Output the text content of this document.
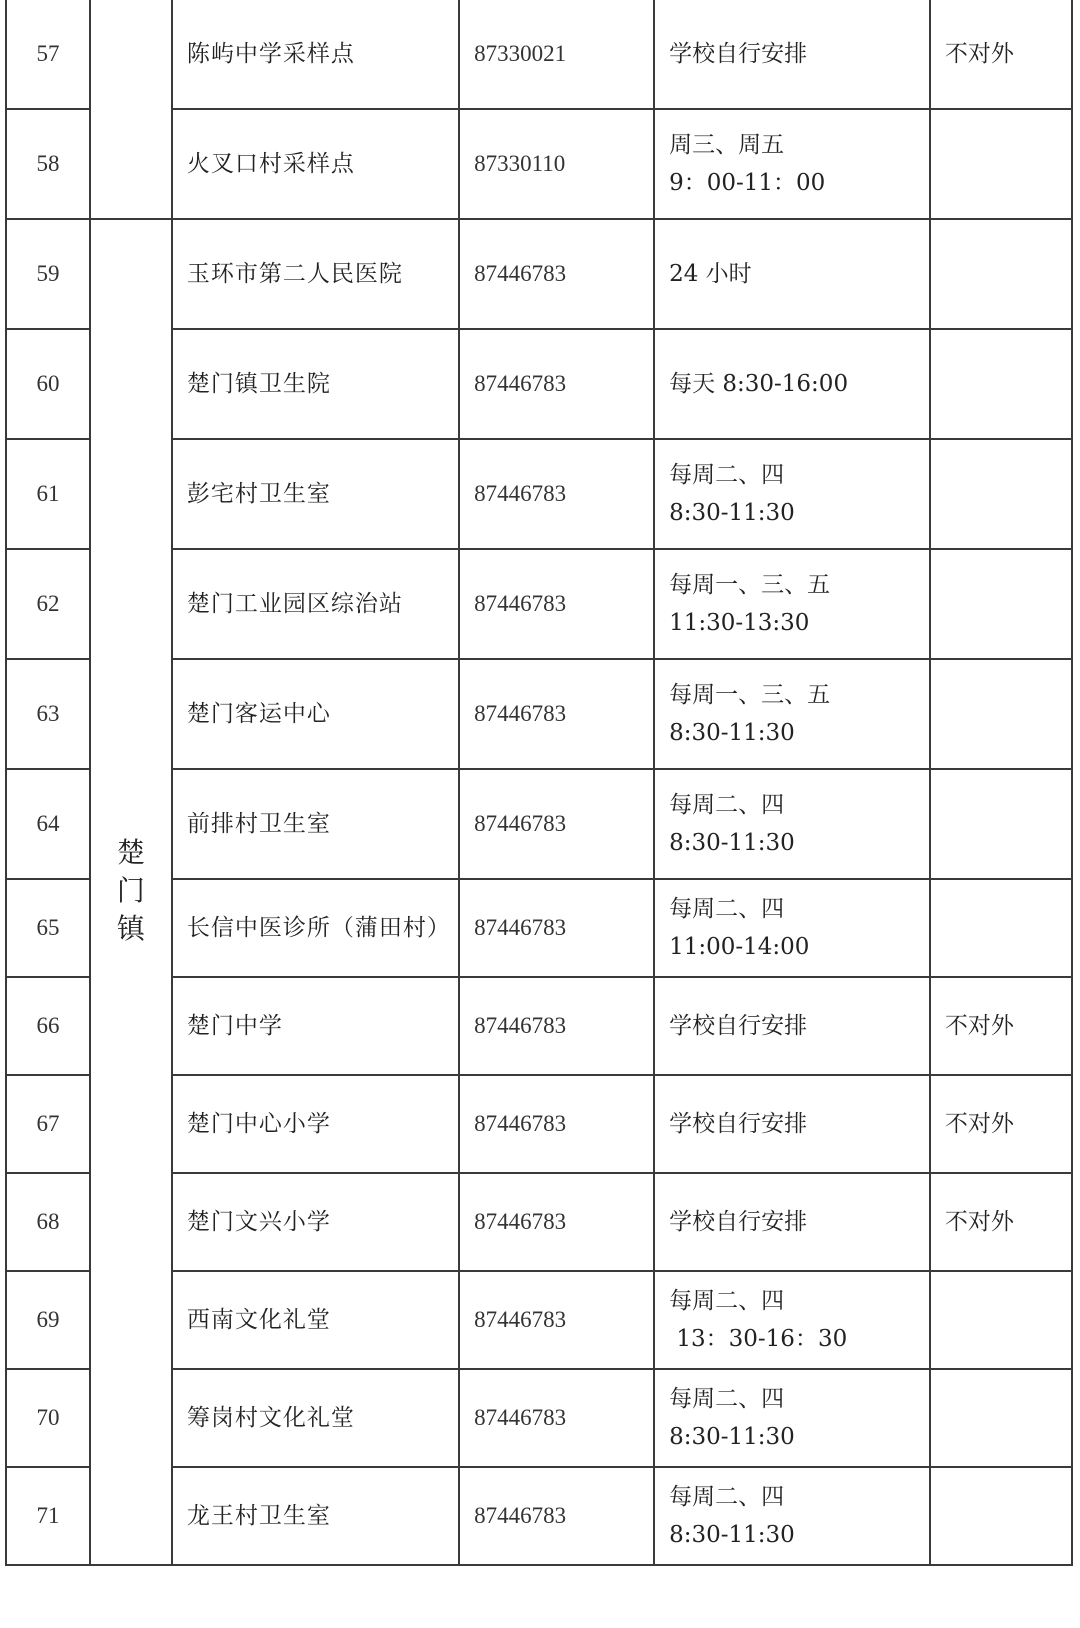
57		陈屿中学采样点	87330021	学校自行安排	不对外
58		火叉口村采样点	87330110	周三、周五
9：00-11：00	

59	楚门镇	玉环市第二人民医院	87446783	24 小时	

60		楚门镇卫生院	87446783	每天 8:30-16:00	

61		彭宅村卫生室	87446783	每周二、四
8:30-11:30	

62		楚门工业园区综治站	87446783	每周一、三、五
11:30-13:30	

63		楚门客运中心	87446783	每周一、三、五
8:30-11:30	

64		前排村卫生室	87446783	每周二、四
8:30-11:30	

65		长信中医诊所（蒲田村）	87446783	每周二、四
11:00-14:00	

66		楚门中学	87446783	学校自行安排	不对外
67		楚门中心小学	87446783	学校自行安排	不对外
68		楚门文兴小学	87446783	学校自行安排	不对外
69		西南文化礼堂	87446783	每周二、四
13：30-16：30	

70		筹岗村文化礼堂	87446783	每周二、四
8:30-11:30	

71		龙王村卫生室	87446783	每周二、四
8:30-11:30	
